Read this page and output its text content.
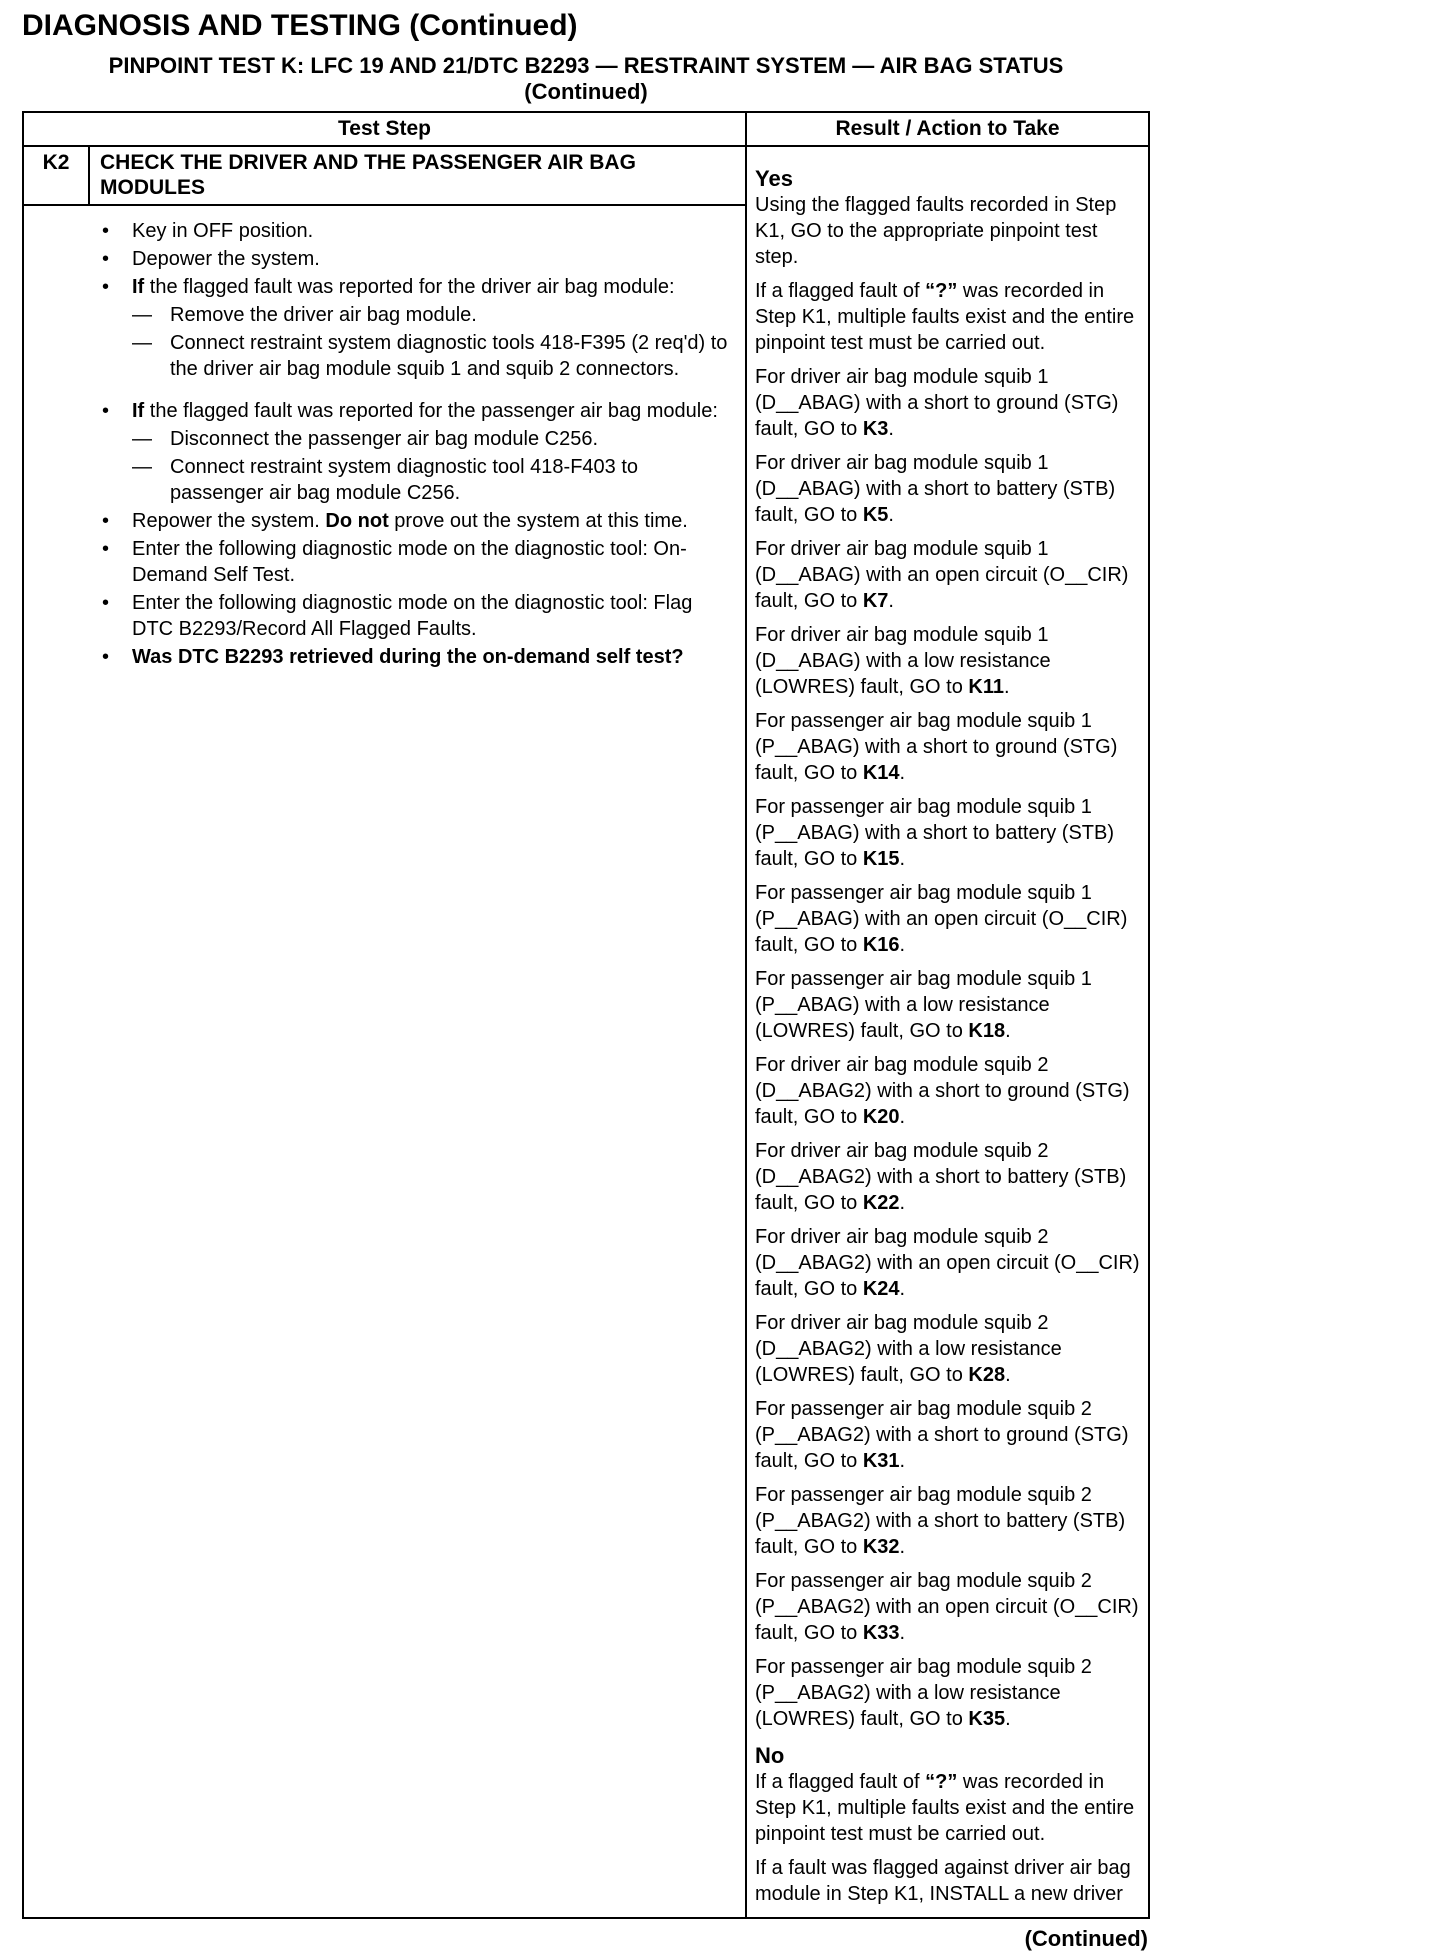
DIAGNOSIS AND TESTING (Continued)
PINPOINT TEST K: LFC 19 AND 21/DTC B2293 — RESTRAINT SYSTEM — AIR BAG STATUS
(Continued)
Test Step	Result / Action to Take
K2	CHECK THE DRIVER AND THE PASSENGER AIR BAG MODULES
•	Key in OFF position.
•	Depower the system.
•	If the flagged fault was reported for the driver air bag module:
— Remove the driver air bag module.
— Connect restraint system diagnostic tools 418-F395 (2 req'd) to the driver air bag module squib 1 and squib 2 connectors.
•	If the flagged fault was reported for the passenger air bag module:
— Disconnect the passenger air bag module C256.
— Connect restraint system diagnostic tool 418-F403 to passenger air bag module C256.
•	Repower the system. Do not prove out the system at this time.
•	Enter the following diagnostic mode on the diagnostic tool: On-Demand Self Test.
•	Enter the following diagnostic mode on the diagnostic tool: Flag DTC B2293/Record All Flagged Faults.
•	Was DTC B2293 retrieved during the on-demand self test?
Yes
Using the flagged faults recorded in Step K1, GO to the appropriate pinpoint test step.
If a flagged fault of “?” was recorded in Step K1, multiple faults exist and the entire pinpoint test must be carried out.
For driver air bag module squib 1 (D__ABAG) with a short to ground (STG) fault, GO to K3.
For driver air bag module squib 1 (D__ABAG) with a short to battery (STB) fault, GO to K5.
For driver air bag module squib 1 (D__ABAG) with an open circuit (O__CIR) fault, GO to K7.
For driver air bag module squib 1 (D__ABAG) with a low resistance (LOWRES) fault, GO to K11.
For passenger air bag module squib 1 (P__ABAG) with a short to ground (STG) fault, GO to K14.
For passenger air bag module squib 1 (P__ABAG) with a short to battery (STB) fault, GO to K15.
For passenger air bag module squib 1 (P__ABAG) with an open circuit (O__CIR) fault, GO to K16.
For passenger air bag module squib 1 (P__ABAG) with a low resistance (LOWRES) fault, GO to K18.
For driver air bag module squib 2 (D__ABAG2) with a short to ground (STG) fault, GO to K20.
For driver air bag module squib 2 (D__ABAG2) with a short to battery (STB) fault, GO to K22.
For driver air bag module squib 2 (D__ABAG2) with an open circuit (O__CIR) fault, GO to K24.
For driver air bag module squib 2 (D__ABAG2) with a low resistance (LOWRES) fault, GO to K28.
For passenger air bag module squib 2 (P__ABAG2) with a short to ground (STG) fault, GO to K31.
For passenger air bag module squib 2 (P__ABAG2) with a short to battery (STB) fault, GO to K32.
For passenger air bag module squib 2 (P__ABAG2) with an open circuit (O__CIR) fault, GO to K33.
For passenger air bag module squib 2 (P__ABAG2) with a low resistance (LOWRES) fault, GO to K35.
No
If a flagged fault of “?” was recorded in Step K1, multiple faults exist and the entire pinpoint test must be carried out.
If a fault was flagged against driver air bag module in Step K1, INSTALL a new driver
(Continued)
